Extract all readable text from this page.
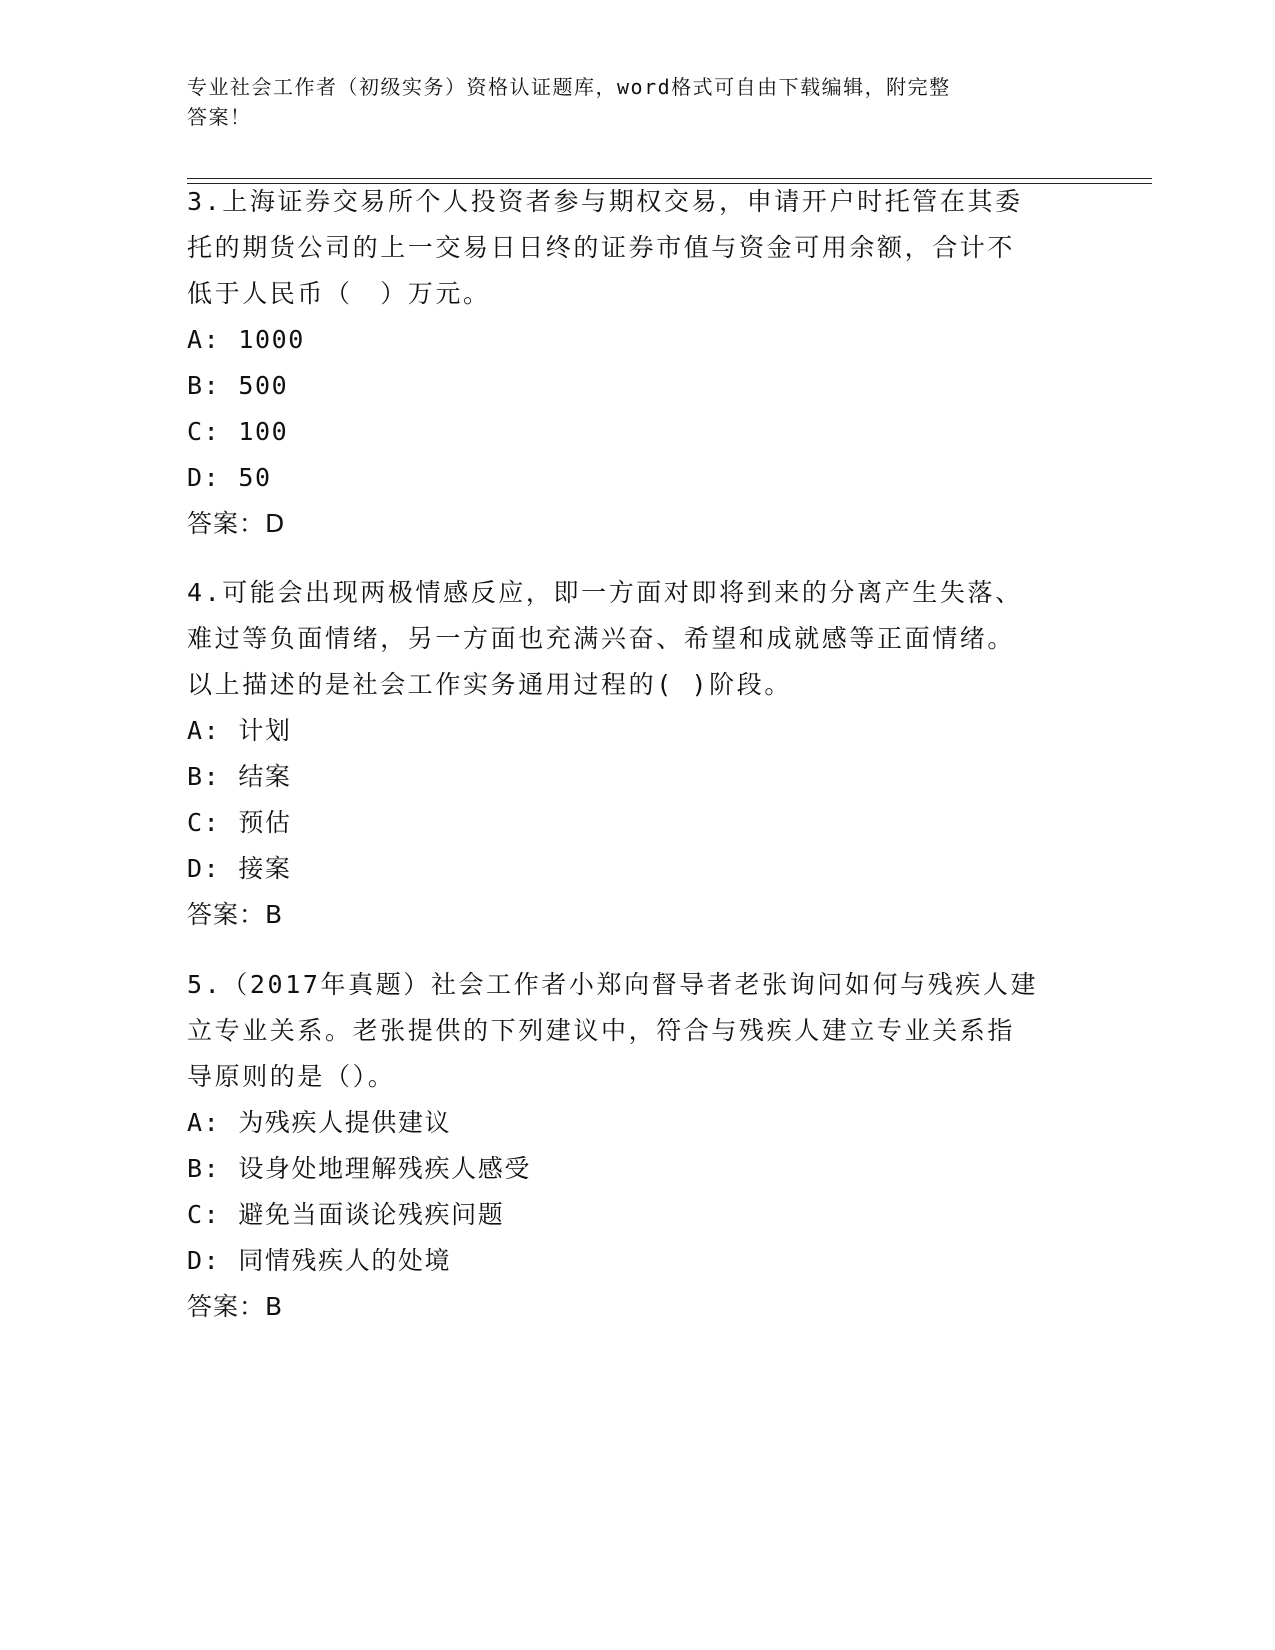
专业社会工作者（初级实务）资格认证题库，word格式可自由下载编辑，附完整
答案！

3.上海证券交易所个人投资者参与期权交易，申请开户时托管在其委

托的期货公司的上一交易日日终的证券市值与资金可用余额，合计不

低于人民币（　）万元。

A: 1000

B: 500

C: 100

D: 50

答案：D

4.可能会出现两极情感反应，即一方面对即将到来的分离产生失落、

难过等负面情绪，另一方面也充满兴奋、希望和成就感等正面情绪。

以上描述的是社会工作实务通用过程的( )阶段。

A: 计划

B: 结案

C: 预估

D: 接案

答案：B

5.（2017年真题）社会工作者小郑向督导者老张询问如何与残疾人建

立专业关系。老张提供的下列建议中，符合与残疾人建立专业关系指

导原则的是（）。

A: 为残疾人提供建议

B: 设身处地理解残疾人感受

C: 避免当面谈论残疾问题

D: 同情残疾人的处境

答案：B
